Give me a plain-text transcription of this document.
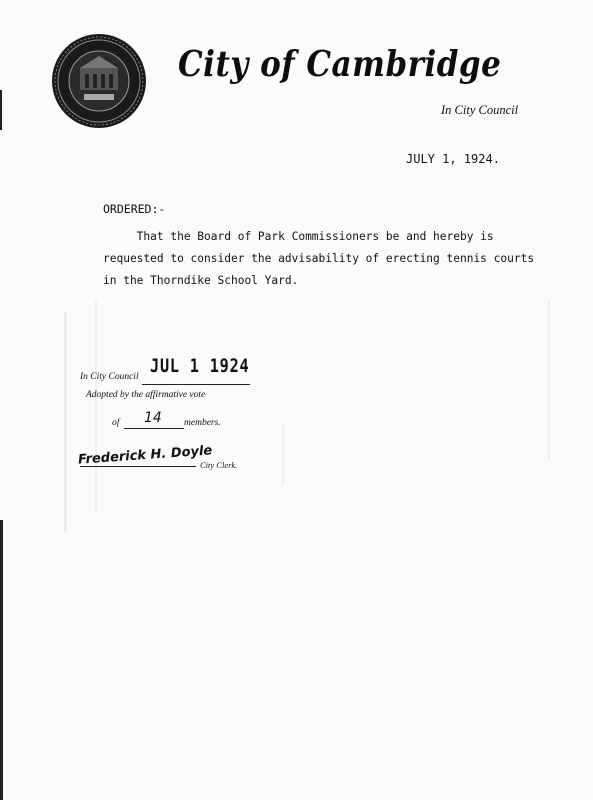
City of Cambridge
In City Council
JULY 1, 1924.
ORDERED:-
That the Board of Park Commissioners be and hereby is
requested to consider the advisability of erecting tennis courts
in the Thorndike School Yard.
JUL 1 1924
In City Council
Adopted by the affirmative vote
of 14 members.
Frederick H. Doyle
City Clerk.
